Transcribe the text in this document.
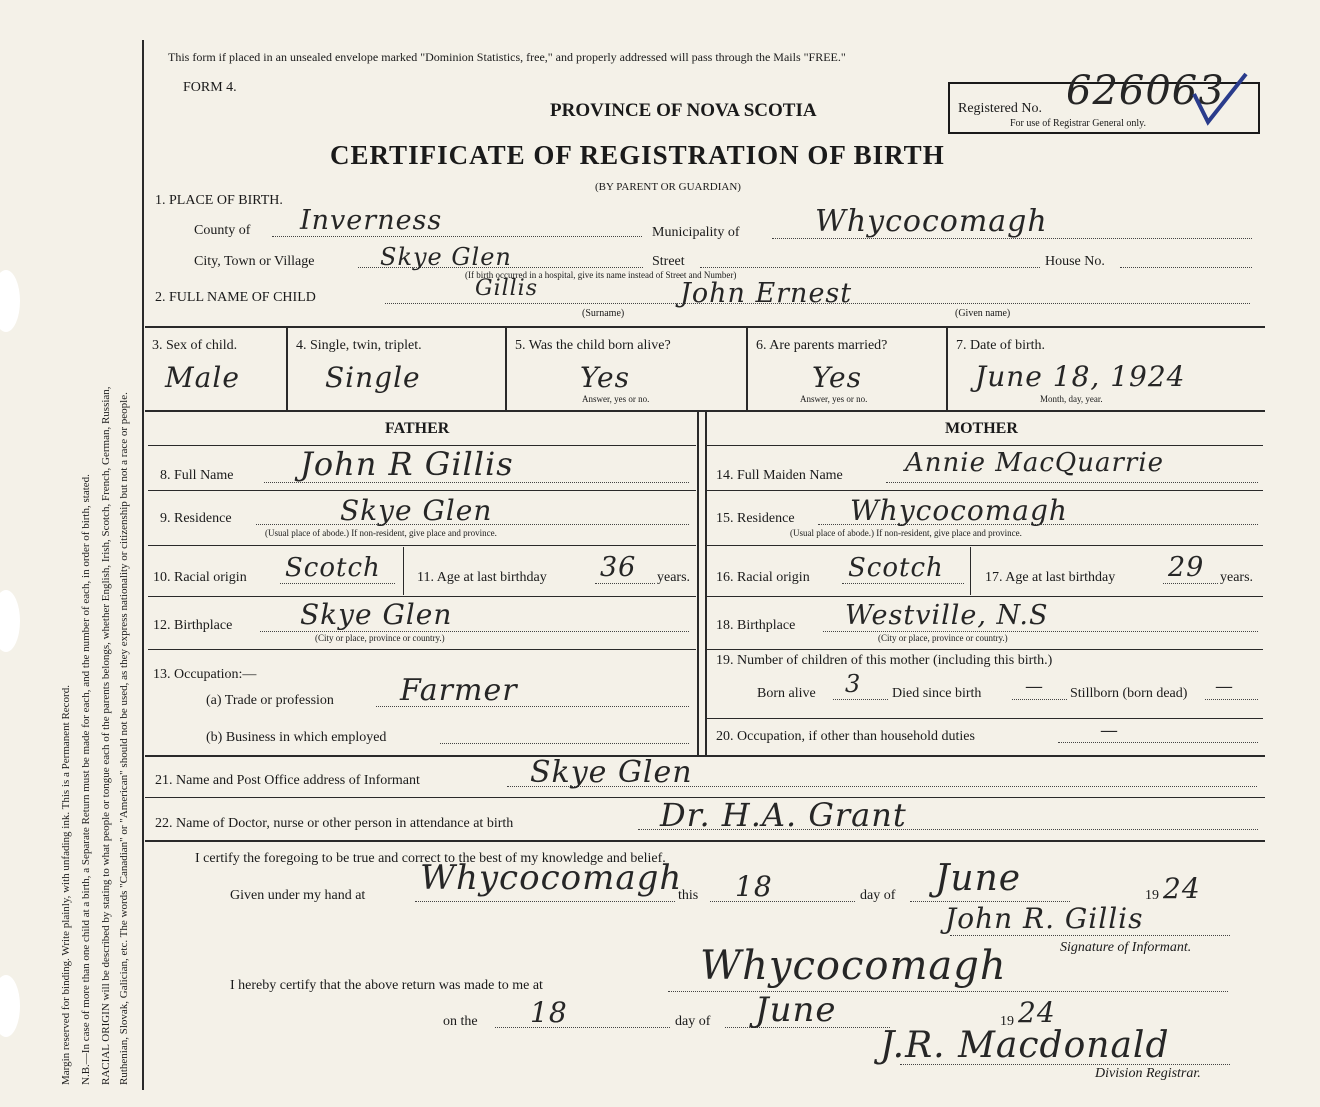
Margin reserved for binding. Write plainly, with unfading ink. This is a Permanent Record. N.B.—In case of more than one child at a birth, a Separate Return must be made for each, and the number of each, in order of birth, stated. RACIAL ORIGIN will be described by stating to what people or tongue each of the parents belongs, whether English, Irish, Scotch, French, German, Russian, Ruthenian, Slovak, Galician, etc. The words "Canadian" or "American" should not be used, as they express nationality or citizenship but not a race or people.
This form if placed in an unsealed envelope marked "Dominion Statistics, free," and properly addressed will pass through the Mails "FREE."
FORM 4.
PROVINCE OF NOVA SCOTIA
CERTIFICATE OF REGISTRATION OF BIRTH
(BY PARENT OR GUARDIAN)
Registered No. 626063
For use of Registrar General only.
1. PLACE OF BIRTH.
County of Inverness	Municipality of	Whycocomagh
City, Town or Village	Skye Glen	Street	House No.
(If birth occurred in a hospital, give its name instead of Street and Number)
2. FULL NAME OF CHILD	Gillis	John Ernest
(Surname)	(Given name)
3. Sex of child.
Male
4. Single, twin, triplet.
Single
5. Was the child born alive?
Yes
Answer, yes or no.
6. Are parents married?
Yes
Answer, yes or no.
7. Date of birth.
June 18, 1924
Month, day, year.
FATHER	MOTHER
8. Full Name John R Gillis
9. Residence	Skye Glen
(Usual place of abode.) If non-resident, give place and province.
10. Racial origin Scotch	11. Age at last birthday 36 years.
12. Birthplace Skye Glen
(City or place, province or country.)
13. Occupation:—
(a) Trade or profession Farmer
(b) Business in which employed
14. Full Maiden Name Annie MacQuarrie
15. Residence Whycocomagh
(Usual place of abode.) If non-resident, give place and province.
16. Racial origin Scotch	17. Age at last birthday 29 years.
18. Birthplace Westville, N.S
(City or place, province or country.)
19. Number of children of this mother (including this birth.)
Born alive 3 Died since birth — Stillborn (born dead) —
20. Occupation, if other than household duties	—
21. Name and Post Office address of Informant	Skye Glen
22. Name of Doctor, nurse or other person in attendance at birth	Dr. H.A. Grant
I certify the foregoing to be true and correct to the best of my knowledge and belief.
Given under my hand at Whycocomagh
this 18	day of June	19 24
John R. Gillis
Signature of Informant.
I hereby certify that the above return was made to me at	Whycocomagh
on the 18	day of June	19 24
J.R. Macdonald
Division Registrar.
